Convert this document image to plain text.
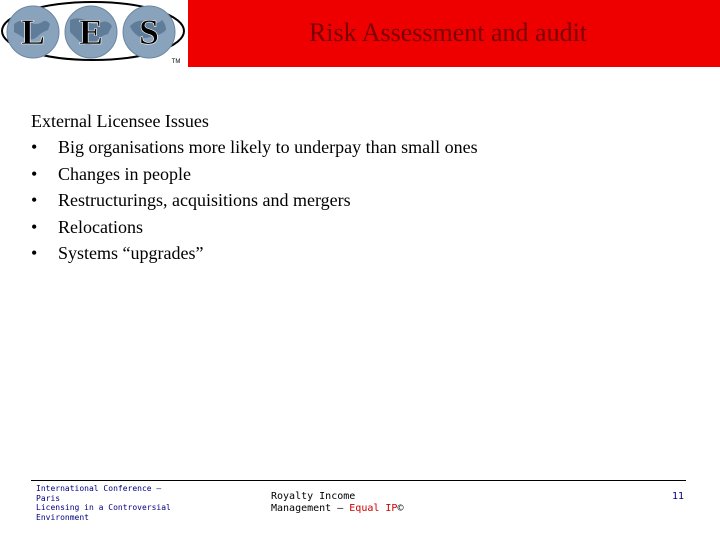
L E S
TM
Risk Assessment and audit
External Licensee Issues
• Big organisations more likely to underpay than small ones
• Changes in people
• Restructurings, acquisitions and mergers
• Relocations
• Systems “upgrades”
International Conference –
Paris
Licensing in a Controversial
Environment
Royalty Income
Management – Equal IP©
11
